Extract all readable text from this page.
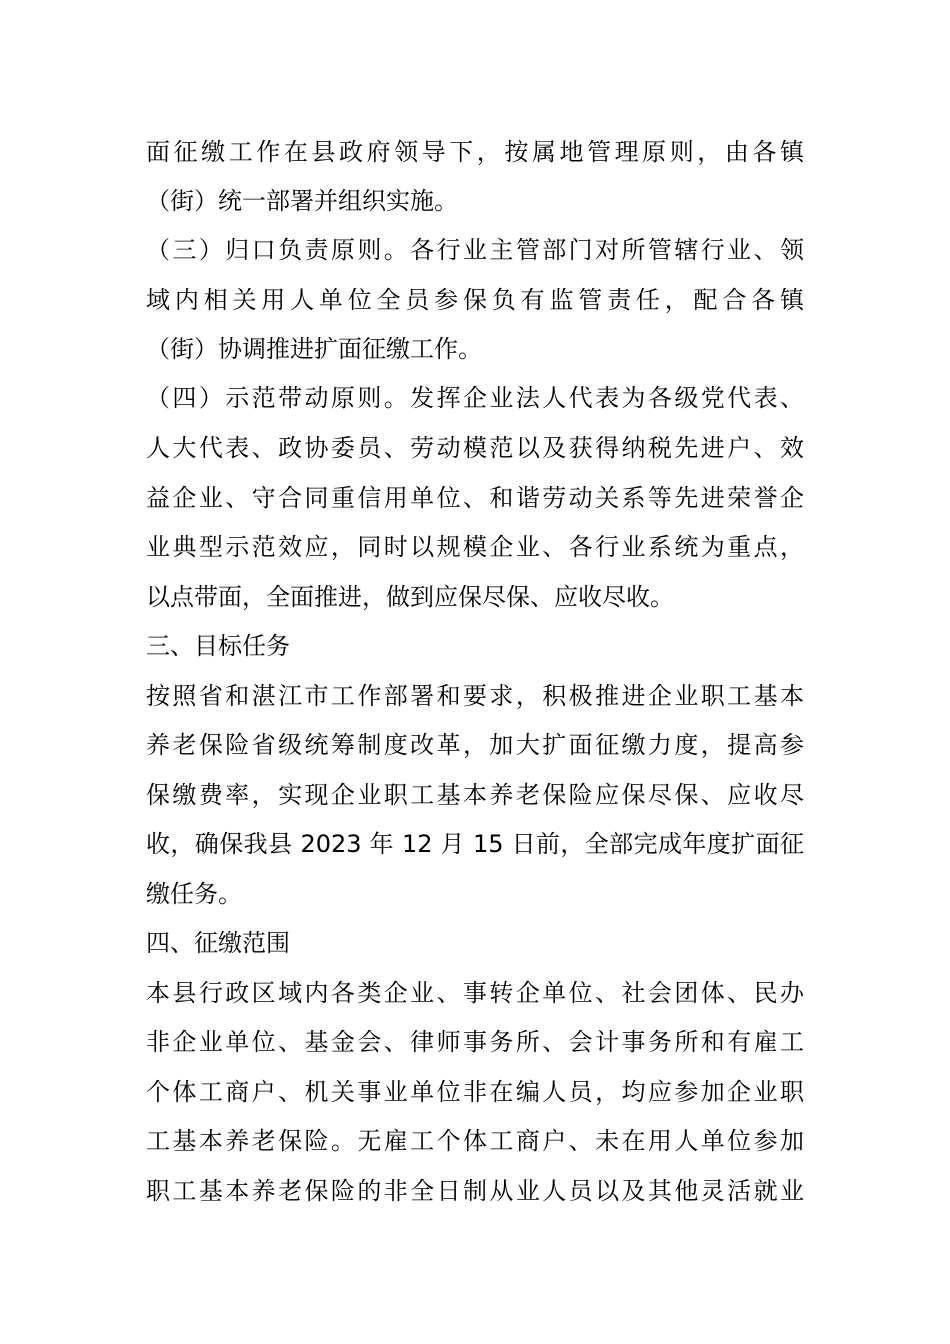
面征缴工作在县政府领导下，按属地管理原则，由各镇
（街）统一部署并组织实施。
（三）归口负责原则。各行业主管部门对所管辖行业、领
域内相关用人单位全员参保负有监管责任，配合各镇
（街）协调推进扩面征缴工作。
（四）示范带动原则。发挥企业法人代表为各级党代表、
人大代表、政协委员、劳动模范以及获得纳税先进户、效
益企业、守合同重信用单位、和谐劳动关系等先进荣誉企
业典型示范效应，同时以规模企业、各行业系统为重点，
以点带面，全面推进，做到应保尽保、应收尽收。
三、目标任务
按照省和湛江市工作部署和要求，积极推进企业职工基本
养老保险省级统筹制度改革，加大扩面征缴力度，提高参
保缴费率，实现企业职工基本养老保险应保尽保、应收尽
收，确保我县 2023 年 12 月 15 日前，全部完成年度扩面征
缴任务。
四、征缴范围
本县行政区域内各类企业、事转企单位、社会团体、民办
非企业单位、基金会、律师事务所、会计事务所和有雇工
个体工商户、机关事业单位非在编人员，均应参加企业职
工基本养老保险。无雇工个体工商户、未在用人单位参加
职工基本养老保险的非全日制从业人员以及其他灵活就业
